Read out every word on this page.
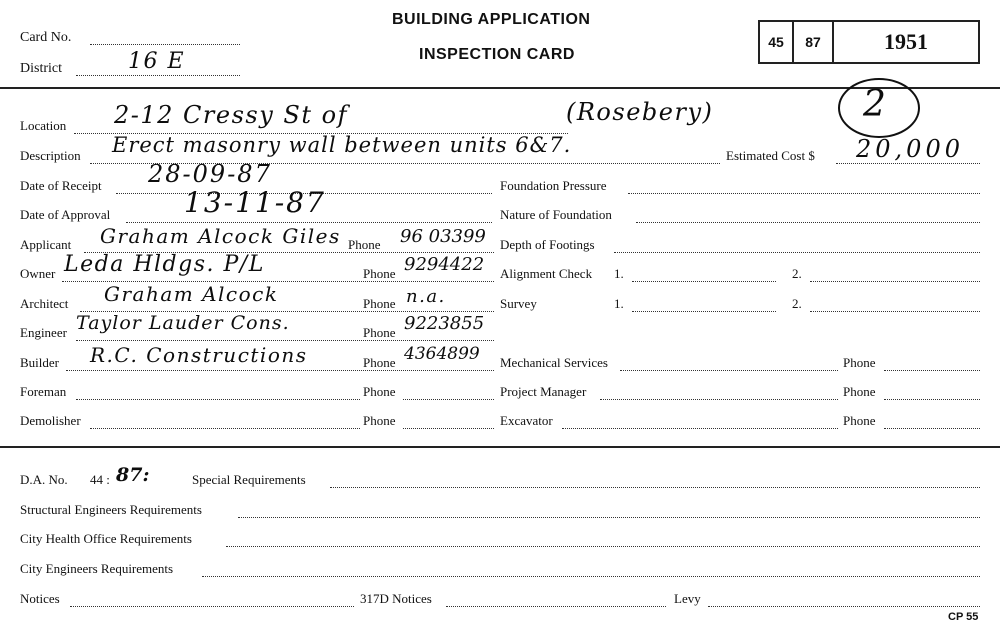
Card No.
District	16 E
BUILDING APPLICATION
INSPECTION CARD
45	87	1951
2
Location 2-12 Cressy St of	(Rosebery)
Description Erect masonry wall between units 6&7.	Estimated Cost $ 20,000
Date of Receipt 28-09-87
Date of Approval	13-11-87
Applicant Graham Alcock Giles Phone 96 03399
Owner Leda Hldgs. P/L	Phone 9294422
Architect Graham Alcock	Phone n.a.
Engineer Taylor Lauder Cons.	Phone 9223855
Builder R.C. Constructions	Phone 4364899
Foreman	Phone
Demolisher	Phone
Foundation Pressure
Nature of Foundation
Depth of Footings
Alignment Check 1.	2.
Survey	1.	2.
Mechanical Services	Phone
Project Manager	Phone
Excavator	Phone
D.A. No. 44 : 87:	Special Requirements
Structural Engineers Requirements
City Health Office Requirements
City Engineers Requirements
Notices	317D Notices	Levy
CP 55
